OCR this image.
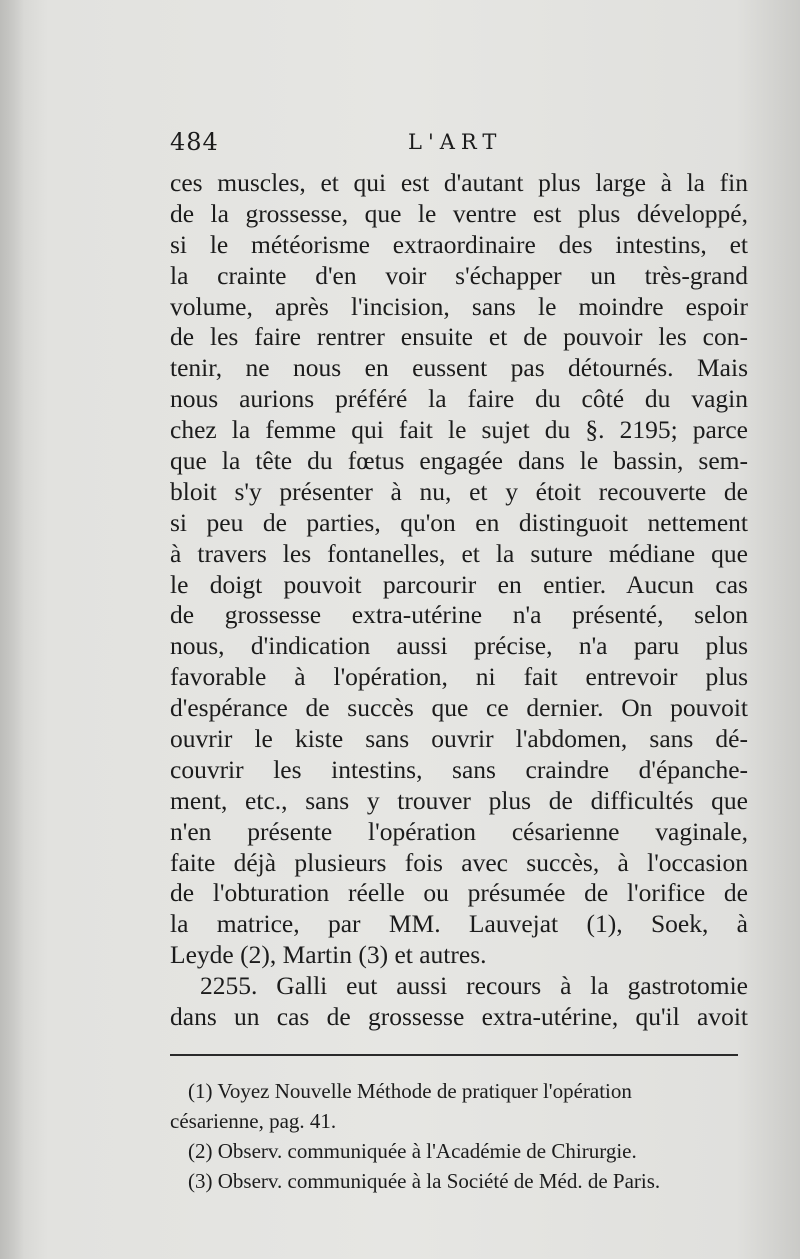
484	L'ART
ces muscles, et qui est d'autant plus large à la fin
de la grossesse, que le ventre est plus développé,
si le météorisme extraordinaire des intestins, et
la crainte d'en voir s'échapper un très-grand
volume, après l'incision, sans le moindre espoir
de les faire rentrer ensuite et de pouvoir les con-
tenir, ne nous en eussent pas détournés. Mais
nous aurions préféré la faire du côté du vagin
chez la femme qui fait le sujet du §. 2195; parce
que la tête du fœtus engagée dans le bassin, sem-
bloit s'y présenter à nu, et y étoit recouverte de
si peu de parties, qu'on en distinguoit nettement
à travers les fontanelles, et la suture médiane que
le doigt pouvoit parcourir en entier. Aucun cas
de grossesse extra-utérine n'a présenté, selon
nous, d'indication aussi précise, n'a paru plus
favorable à l'opération, ni fait entrevoir plus
d'espérance de succès que ce dernier. On pouvoit
ouvrir le kiste sans ouvrir l'abdomen, sans dé-
couvrir les intestins, sans craindre d'épanche-
ment, etc., sans y trouver plus de difficultés que
n'en présente l'opération césarienne vaginale,
faite déjà plusieurs fois avec succès, à l'occasion
de l'obturation réelle ou présumée de l'orifice de
la matrice, par MM. Lauvejat (1), Soek, à
Leyde (2), Martin (3) et autres.
2255. Galli eut aussi recours à la gastrotomie
dans un cas de grossesse extra-utérine, qu'il avoit
(1) Voyez Nouvelle Méthode de pratiquer l'opération
césarienne, pag. 41.
(2) Observ. communiquée à l'Académie de Chirurgie.
(3) Observ. communiquée à la Société de Méd. de Paris.
